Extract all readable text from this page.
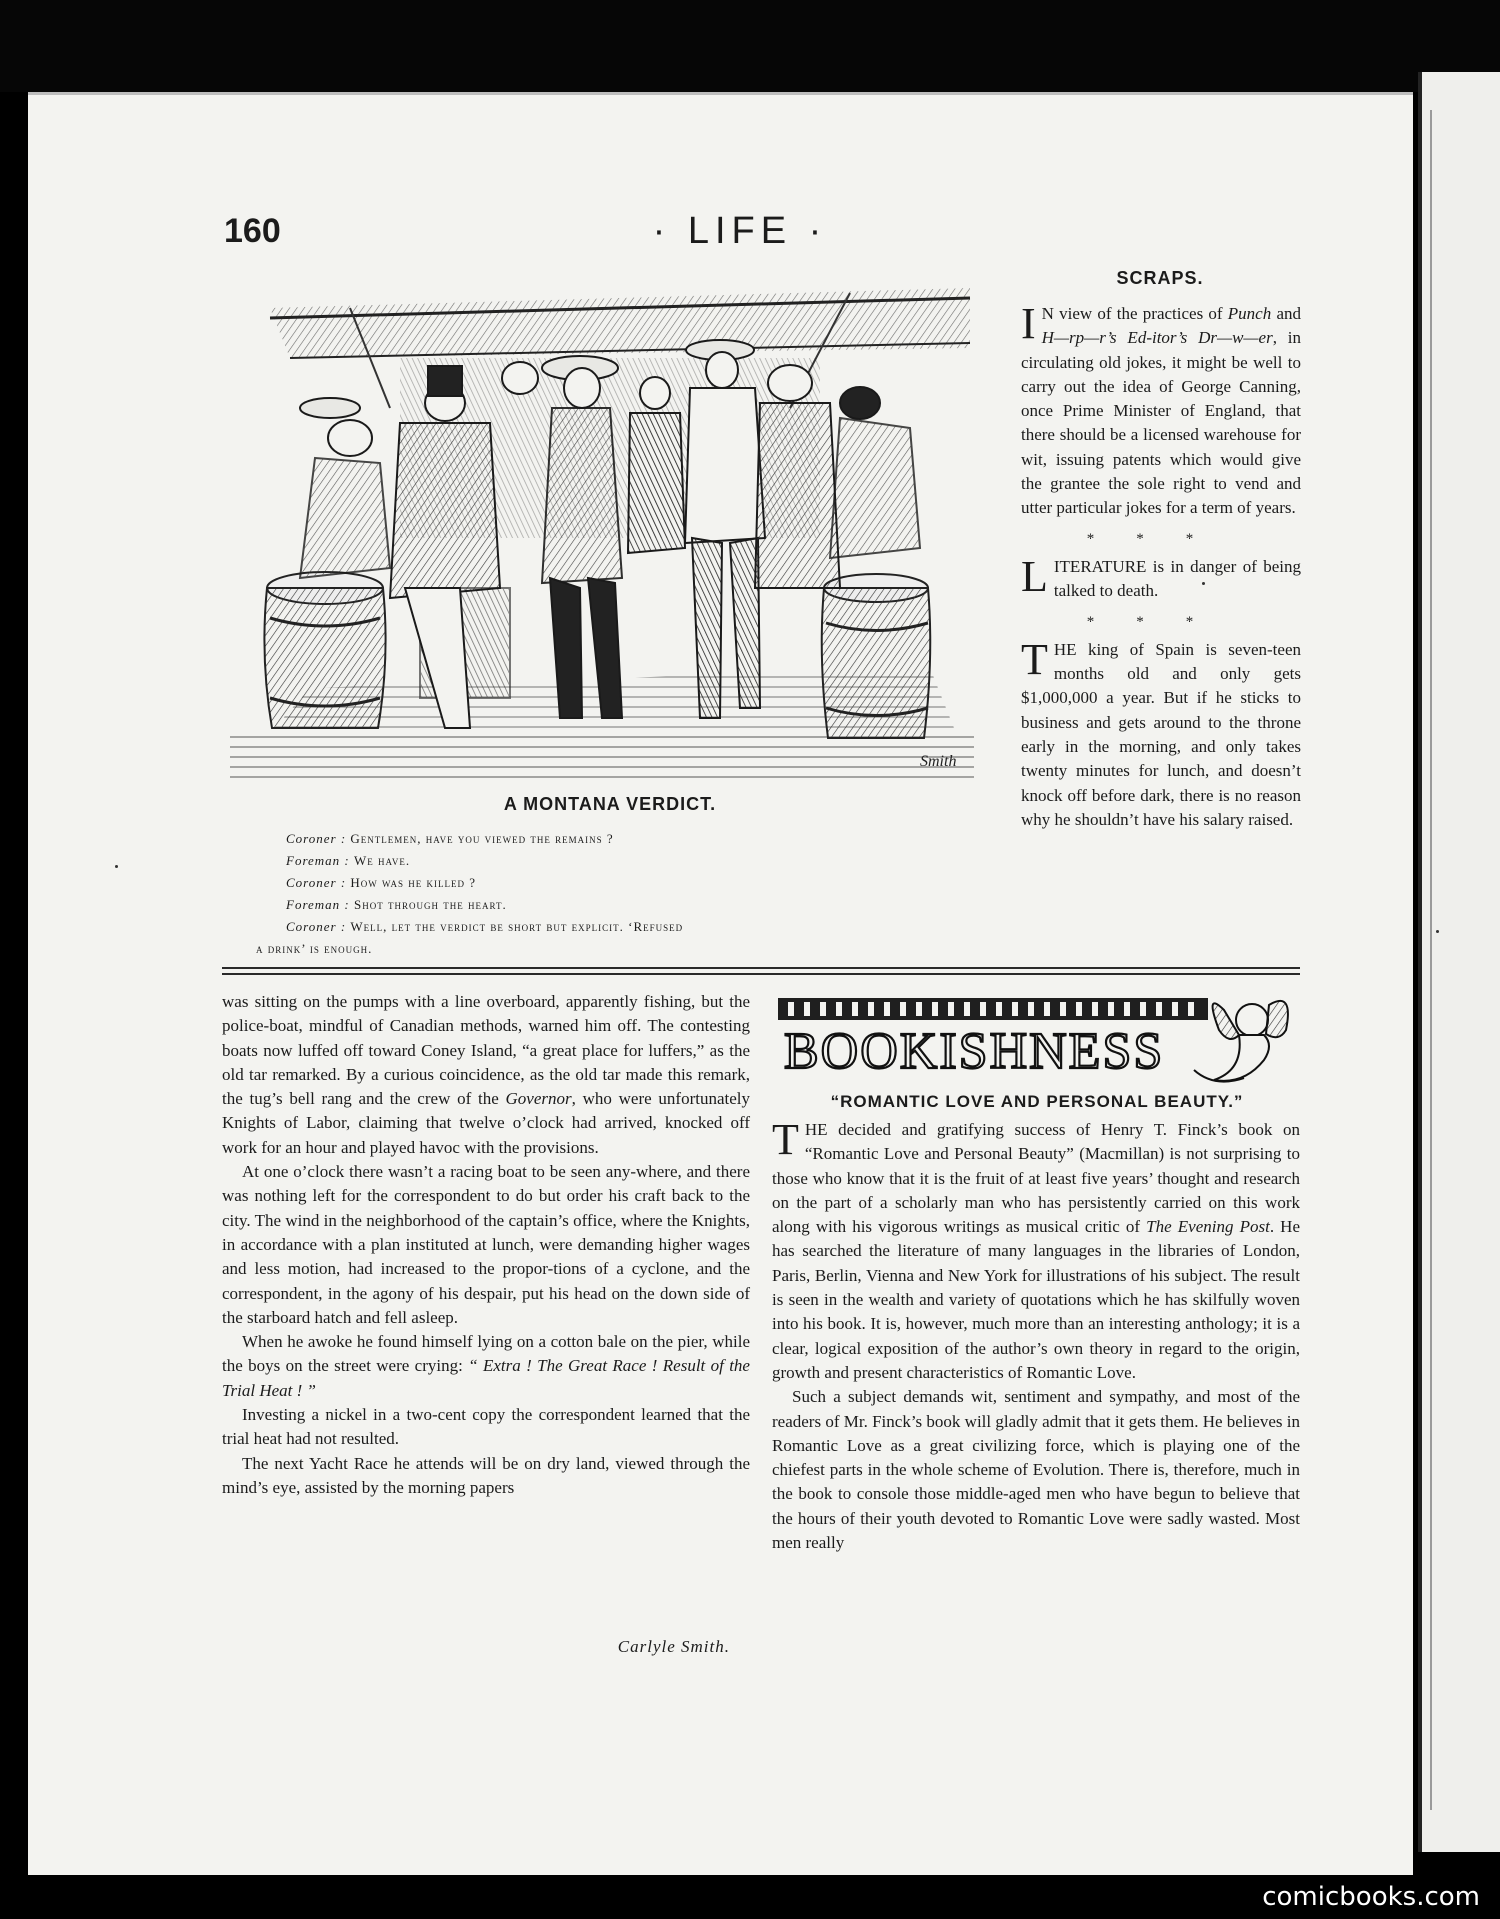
160	· LIFE ·
Smith
A MONTANA VERDICT.
Coroner : Gentlemen, have you viewed the remains ?
Foreman : We have.
Coroner : How was he killed ?
Foreman : Shot through the heart.
Coroner : Well, let the verdict be short but explicit. ‘Refused
a drink’ is enough.
SCRAPS.

I N view of the practices of Punch and H—rp—r’s Ed-itor’s Dr—w—er, in circulating old jokes, it might be well to carry out the idea of George Canning, once Prime Minister of England, that there should be a licensed warehouse for wit, issuing patents which would give the grantee the sole right to vend and utter particular jokes for a term of years.

***

LITERATURE is in danger of being talked to death.

***

THE king of Spain is seven-teen months old and only gets $1,000,000 a year. But if he sticks to business and gets around to the throne early in the morning, and only takes twenty minutes for lunch, and doesn’t knock off before dark, there is no reason why he shouldn’t have his salary raised.

was sitting on the pumps with a line overboard, apparently fishing, but the police-boat, mindful of Canadian methods, warned him off. The contesting boats now luffed off toward Coney Island, “a great place for luffers,” as the old tar remarked. By a curious coincidence, as the old tar made this remark, the tug’s bell rang and the crew of the Governor, who were unfortunately Knights of Labor, claiming that twelve o’clock had arrived, knocked off work for an hour and played havoc with the provisions.

At one o’clock there wasn’t a racing boat to be seen any-where, and there was nothing left for the correspondent to do but order his craft back to the city. The wind in the neighborhood of the captain’s office, where the Knights, in accordance with a plan instituted at lunch, were demanding higher wages and less motion, had increased to the propor-tions of a cyclone, and the correspondent, in the agony of his despair, put his head on the down side of the starboard hatch and fell asleep.

When he awoke he found himself lying on a cotton bale on the pier, while the boys on the street were crying: “ Extra ! The Great Race ! Result of the Trial Heat ! ”

Investing a nickel in a two-cent copy the correspondent learned that the trial heat had not resulted.

The next Yacht Race he attends will be on dry land, viewed through the mind’s eye, assisted by the morning papers

Carlyle Smith.
BOOKISHNESS
“ROMANTIC LOVE AND PERSONAL BEAUTY.”

THE decided and gratifying success of Henry T. Finck’s book on “Romantic Love and Personal Beauty” (Macmillan) is not surprising to those who know that it is the fruit of at least five years’ thought and research on the part of a scholarly man who has persistently carried on this work along with his vigorous writings as musical critic of The Evening Post. He has searched the literature of many languages in the libraries of London, Paris, Berlin, Vienna and New York for illustrations of his subject. The result is seen in the wealth and variety of quotations which he has skilfully woven into his book. It is, however, much more than an interesting anthology; it is a clear, logical exposition of the author’s own theory in regard to the origin, growth and present characteristics of Romantic Love.

Such a subject demands wit, sentiment and sympathy, and most of the readers of Mr. Finck’s book will gladly admit that it gets them. He believes in Romantic Love as a great civilizing force, which is playing one of the chiefest parts in the whole scheme of Evolution. There is, therefore, much in the book to console those middle-aged men who have begun to believe that the hours of their youth devoted to Romantic Love were sadly wasted. Most men really

comicbooks.com
